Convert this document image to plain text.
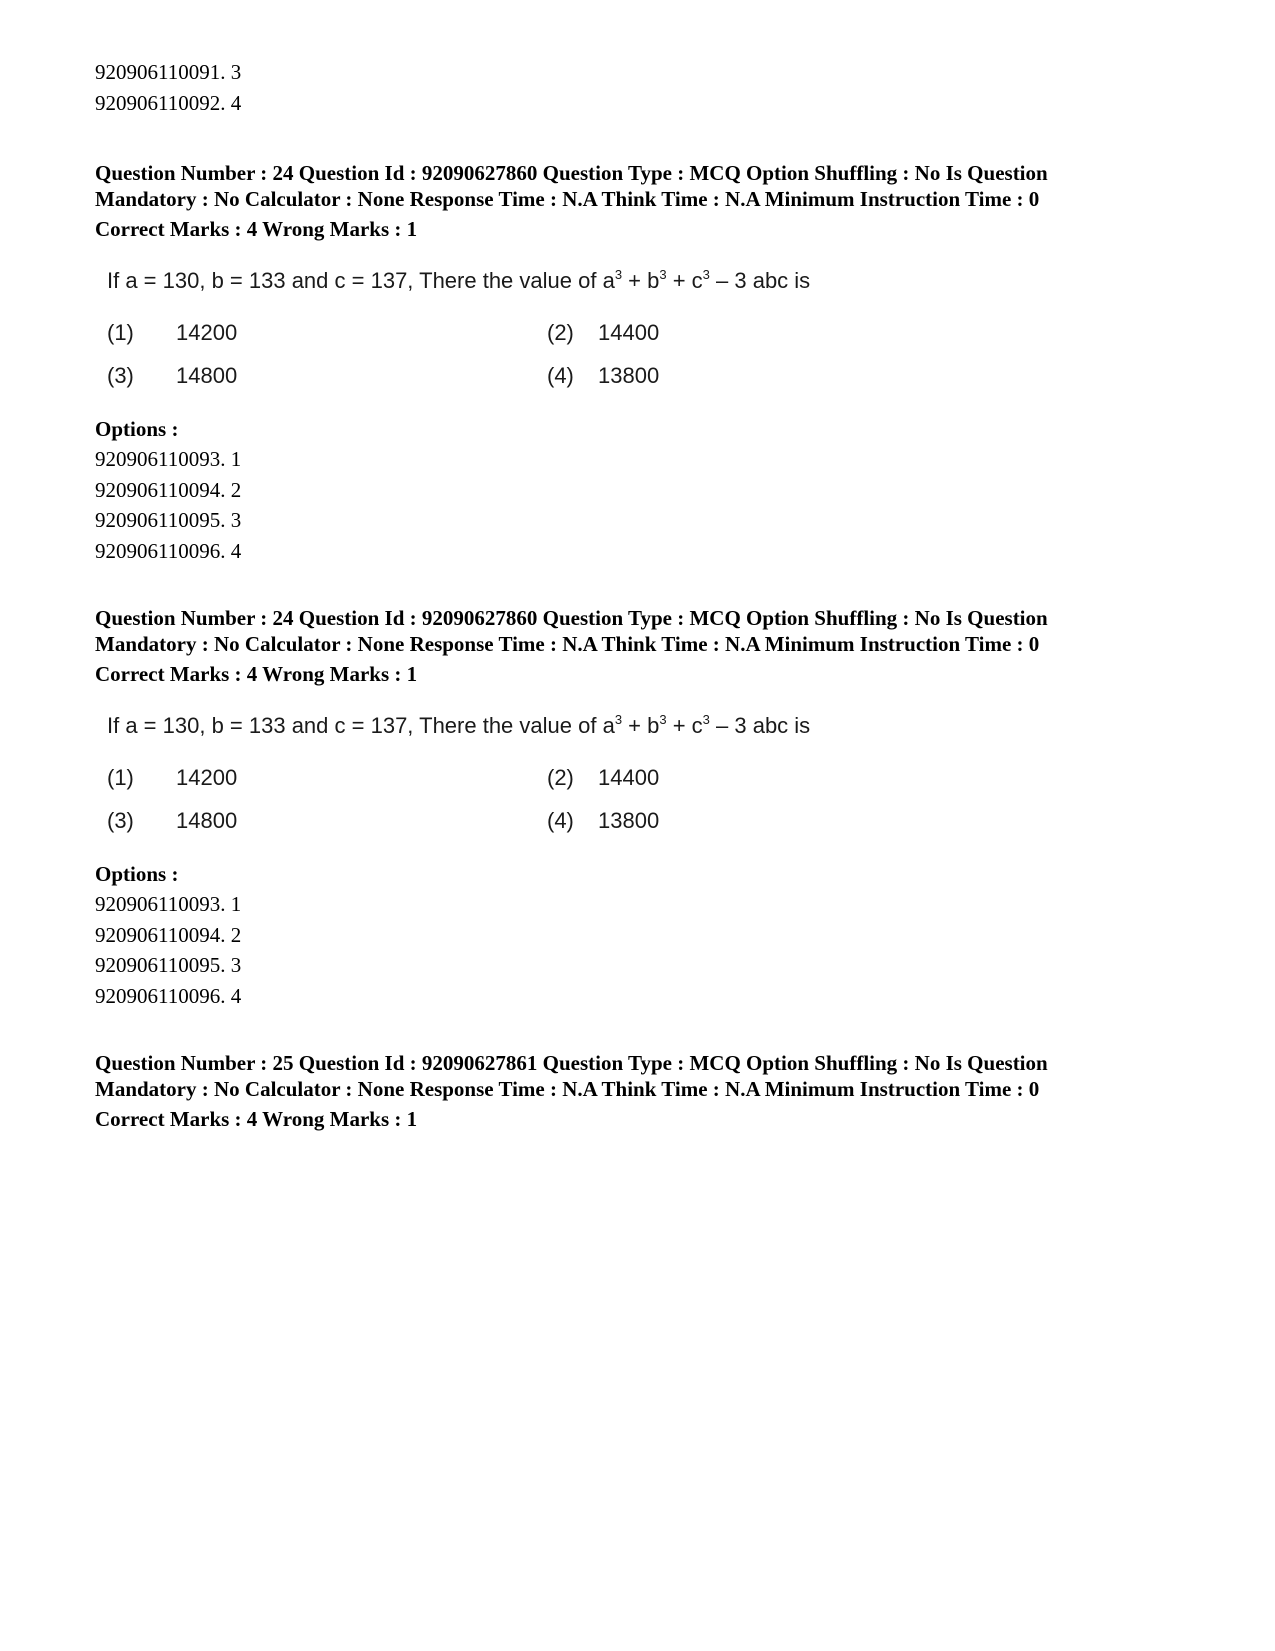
920906110091. 3
920906110092. 4
Question Number : 24 Question Id : 92090627860 Question Type : MCQ Option Shuffling : No Is Question
Mandatory : No Calculator : None Response Time : N.A Think Time : N.A Minimum Instruction Time : 0
Correct Marks : 4 Wrong Marks : 1
If a = 130, b = 133 and c = 137, There the value of $a^3 + b^3 + c^3 - 3$ abc is
(1) 14200	(2) 14400
(3) 14800	(4) 13800
Options :
920906110093. 1
920906110094. 2
920906110095. 3
920906110096. 4
Question Number : 24 Question Id : 92090627860 Question Type : MCQ Option Shuffling : No Is Question
Mandatory : No Calculator : None Response Time : N.A Think Time : N.A Minimum Instruction Time : 0
Correct Marks : 4 Wrong Marks : 1
If a = 130, b = 133 and c = 137, There the value of $a^3 + b^3 + c^3 - 3$ abc is
(1) 14200	(2) 14400
(3) 14800	(4) 13800
Options :
920906110093. 1
920906110094. 2
920906110095. 3
920906110096. 4
Question Number : 25 Question Id : 92090627861 Question Type : MCQ Option Shuffling : No Is Question
Mandatory : No Calculator : None Response Time : N.A Think Time : N.A Minimum Instruction Time : 0
Correct Marks : 4 Wrong Marks : 1
